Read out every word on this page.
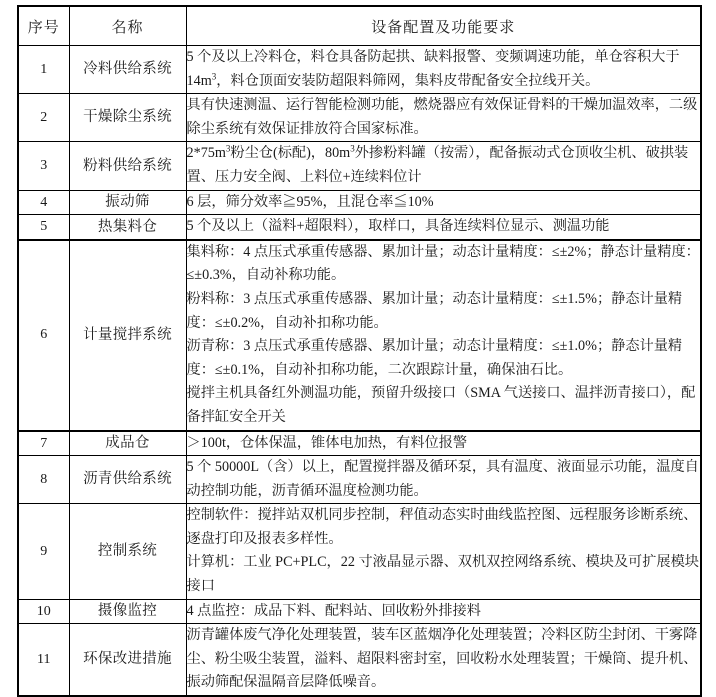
序号	名称	设备配置及功能要求
1	冷料供给系统	5 个及以上冷料仓，料仓具备防起拱、缺料报警、变频调速功能，单仓容积大于 $14m^3$，料仓顶面安装防超限料筛网，集料皮带配备安全拉线开关。

2	干燥除尘系统	具有快速测温、运行智能检测功能，燃烧器应有效保证骨料的干燥加温效率，二级除尘系统有效保证排放符合国家标准。

3	粉料供给系统	$2*75m^3$粉尘仓(标配)，$80m^3$外掺粉料罐（按需），配备振动式仓顶收尘机、破拱装置、压力安全阀、上料位+连续料位计

4	振动筛	6 层，筛分效率≧95%，且混仓率≦10%

5	热集料仓	5 个及以上（溢料+超限料），取样口，具备连续料位显示、测温功能

6	计量搅拌系统	集料称：4 点压式承重传感器、累加计量；动态计量精度：≤±2%；静态计量精度：≤±0.3%，自动补称功能。

粉料称：3 点压式承重传感器、累加计量；动态计量精度：≤±1.5%；静态计量精度：≤±0.2%，自动补扣称功能。

沥青称：3 点压式承重传感器、累加计量；动态计量精度：≤±1.0%；静态计量精度：≤±0.1%，自动补扣称功能，二次跟踪计量，确保油石比。

搅拌主机具备红外测温功能，预留升级接口（SMA 气送接口、温拌沥青接口），配备拌缸安全开关

7	成品仓	＞100t，仓体保温，锥体电加热，有料位报警

8	沥青供给系统	5 个 50000L（含）以上，配置搅拌器及循环泵，具有温度、液面显示功能，温度自动控制功能，沥青循环温度检测功能。

9	控制系统	控制软件：搅拌站双机同步控制，秤值动态实时曲线监控图、远程服务诊断系统、逐盘打印及报表多样性。

计算机：工业 PC+PLC，22 寸液晶显示器、双机双控网络系统、模块及可扩展模块接口

10	摄像监控	4 点监控：成品下料、配料站、回收粉外排接料

11	环保改进措施	沥青罐体废气净化处理装置，装车区蓝烟净化处理装置；冷料区防尘封闭、干雾降尘、粉尘吸尘装置，溢料、超限料密封室，回收粉水处理装置；干燥筒、提升机、振动筛配保温隔音层降低噪音。
